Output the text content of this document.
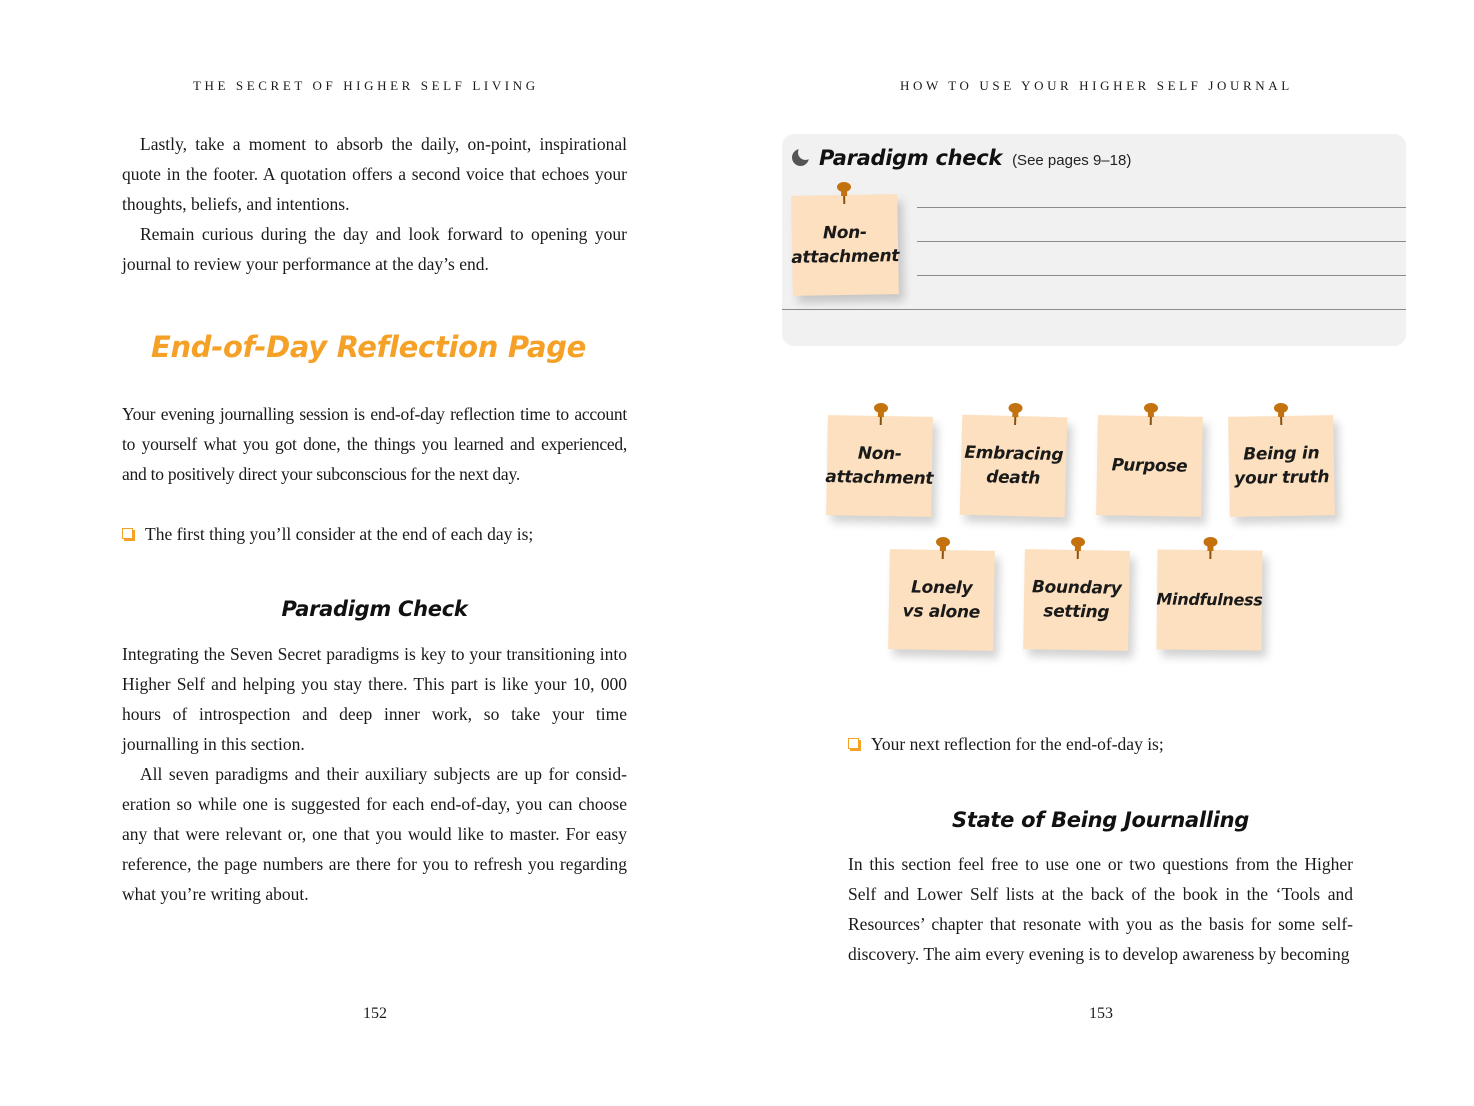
THE SECRET OF HIGHER SELF LIVING

Lastly, take a moment to absorb the daily, on-point, inspirational quote in the footer. A quotation offers a second voice that echoes your thoughts, beliefs, and intentions.

Remain curious during the day and look forward to opening your journal to review your performance at the day’s end.

End-of-Day Reflection Page

Your evening journalling session is end-of-day reflection time to account to yourself what you got done, the things you learned and experienced, and to positively direct your subconscious for the next day.

The first thing you’ll consider at the end of each day is;
Paradigm Check

Integrating the Seven Secret paradigms is key to your transitioning into Higher Self and helping you stay there. This part is like your 10, 000 hours of introspection and deep inner work, so take your time journalling in this section.

All seven paradigms and their auxiliary subjects are up for consideration so while one is suggested for each end-of-day, you can choose any that were relevant or, one that you would like to master. For easy reference, the page numbers are there for you to refresh you regarding what you’re writing about.

152
HOW TO USE YOUR HIGHER SELF JOURNAL
Paradigm check (See pages 9–18)
Non-
attachment
Non-
attachment
Embracing
death
Purpose
Being in
your truth
Lonely
vs alone
Boundary
setting
Mindfulness
Your next reflection for the end-of-day is;
State of Being Journalling

In this section feel free to use one or two questions from the Higher Self and Lower Self lists at the back of the book in the ‘Tools and Resources’ chapter that resonate with you as the basis for some self-discovery. The aim every evening is to develop awareness by becoming

153
